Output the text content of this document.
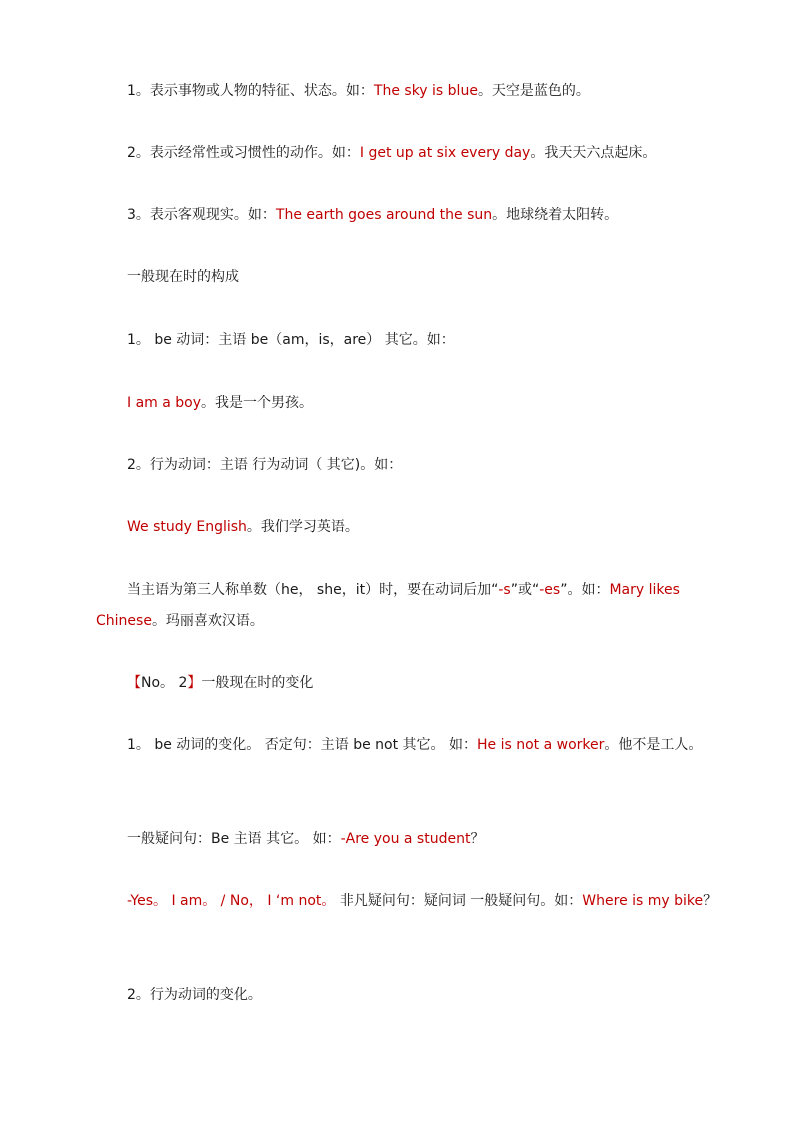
1。表示事物或人物的特征、状态。如：The sky is blue。天空是蓝色的。

2。表示经常性或习惯性的动作。如：I get up at six every day。我天天六点起床。

3。表示客观现实。如：The earth goes around the sun。地球绕着太阳转。

一般现在时的构成

1。 be 动词：主语 be（am，is，are） 其它。如：

I am a boy。我是一个男孩。

2。行为动词：主语 行为动词（ 其它)。如：

We study English。我们学习英语。

当主语为第三人称单数（he， she，it）时，要在动词后加“-s”或“-es”。如：Mary likes Chinese。玛丽喜欢汉语。

【No。 2】一般现在时的变化

1。 be 动词的变化。 否定句：主语 be not 其它。 如：He is not a worker。他不是工人。

一般疑问句：Be 主语 其它。 如：-Are you a student？

-Yes。 I am。 / No， I ‘m not。 非凡疑问句：疑问词 一般疑问句。如：Where is my bike？

2。行为动词的变化。
